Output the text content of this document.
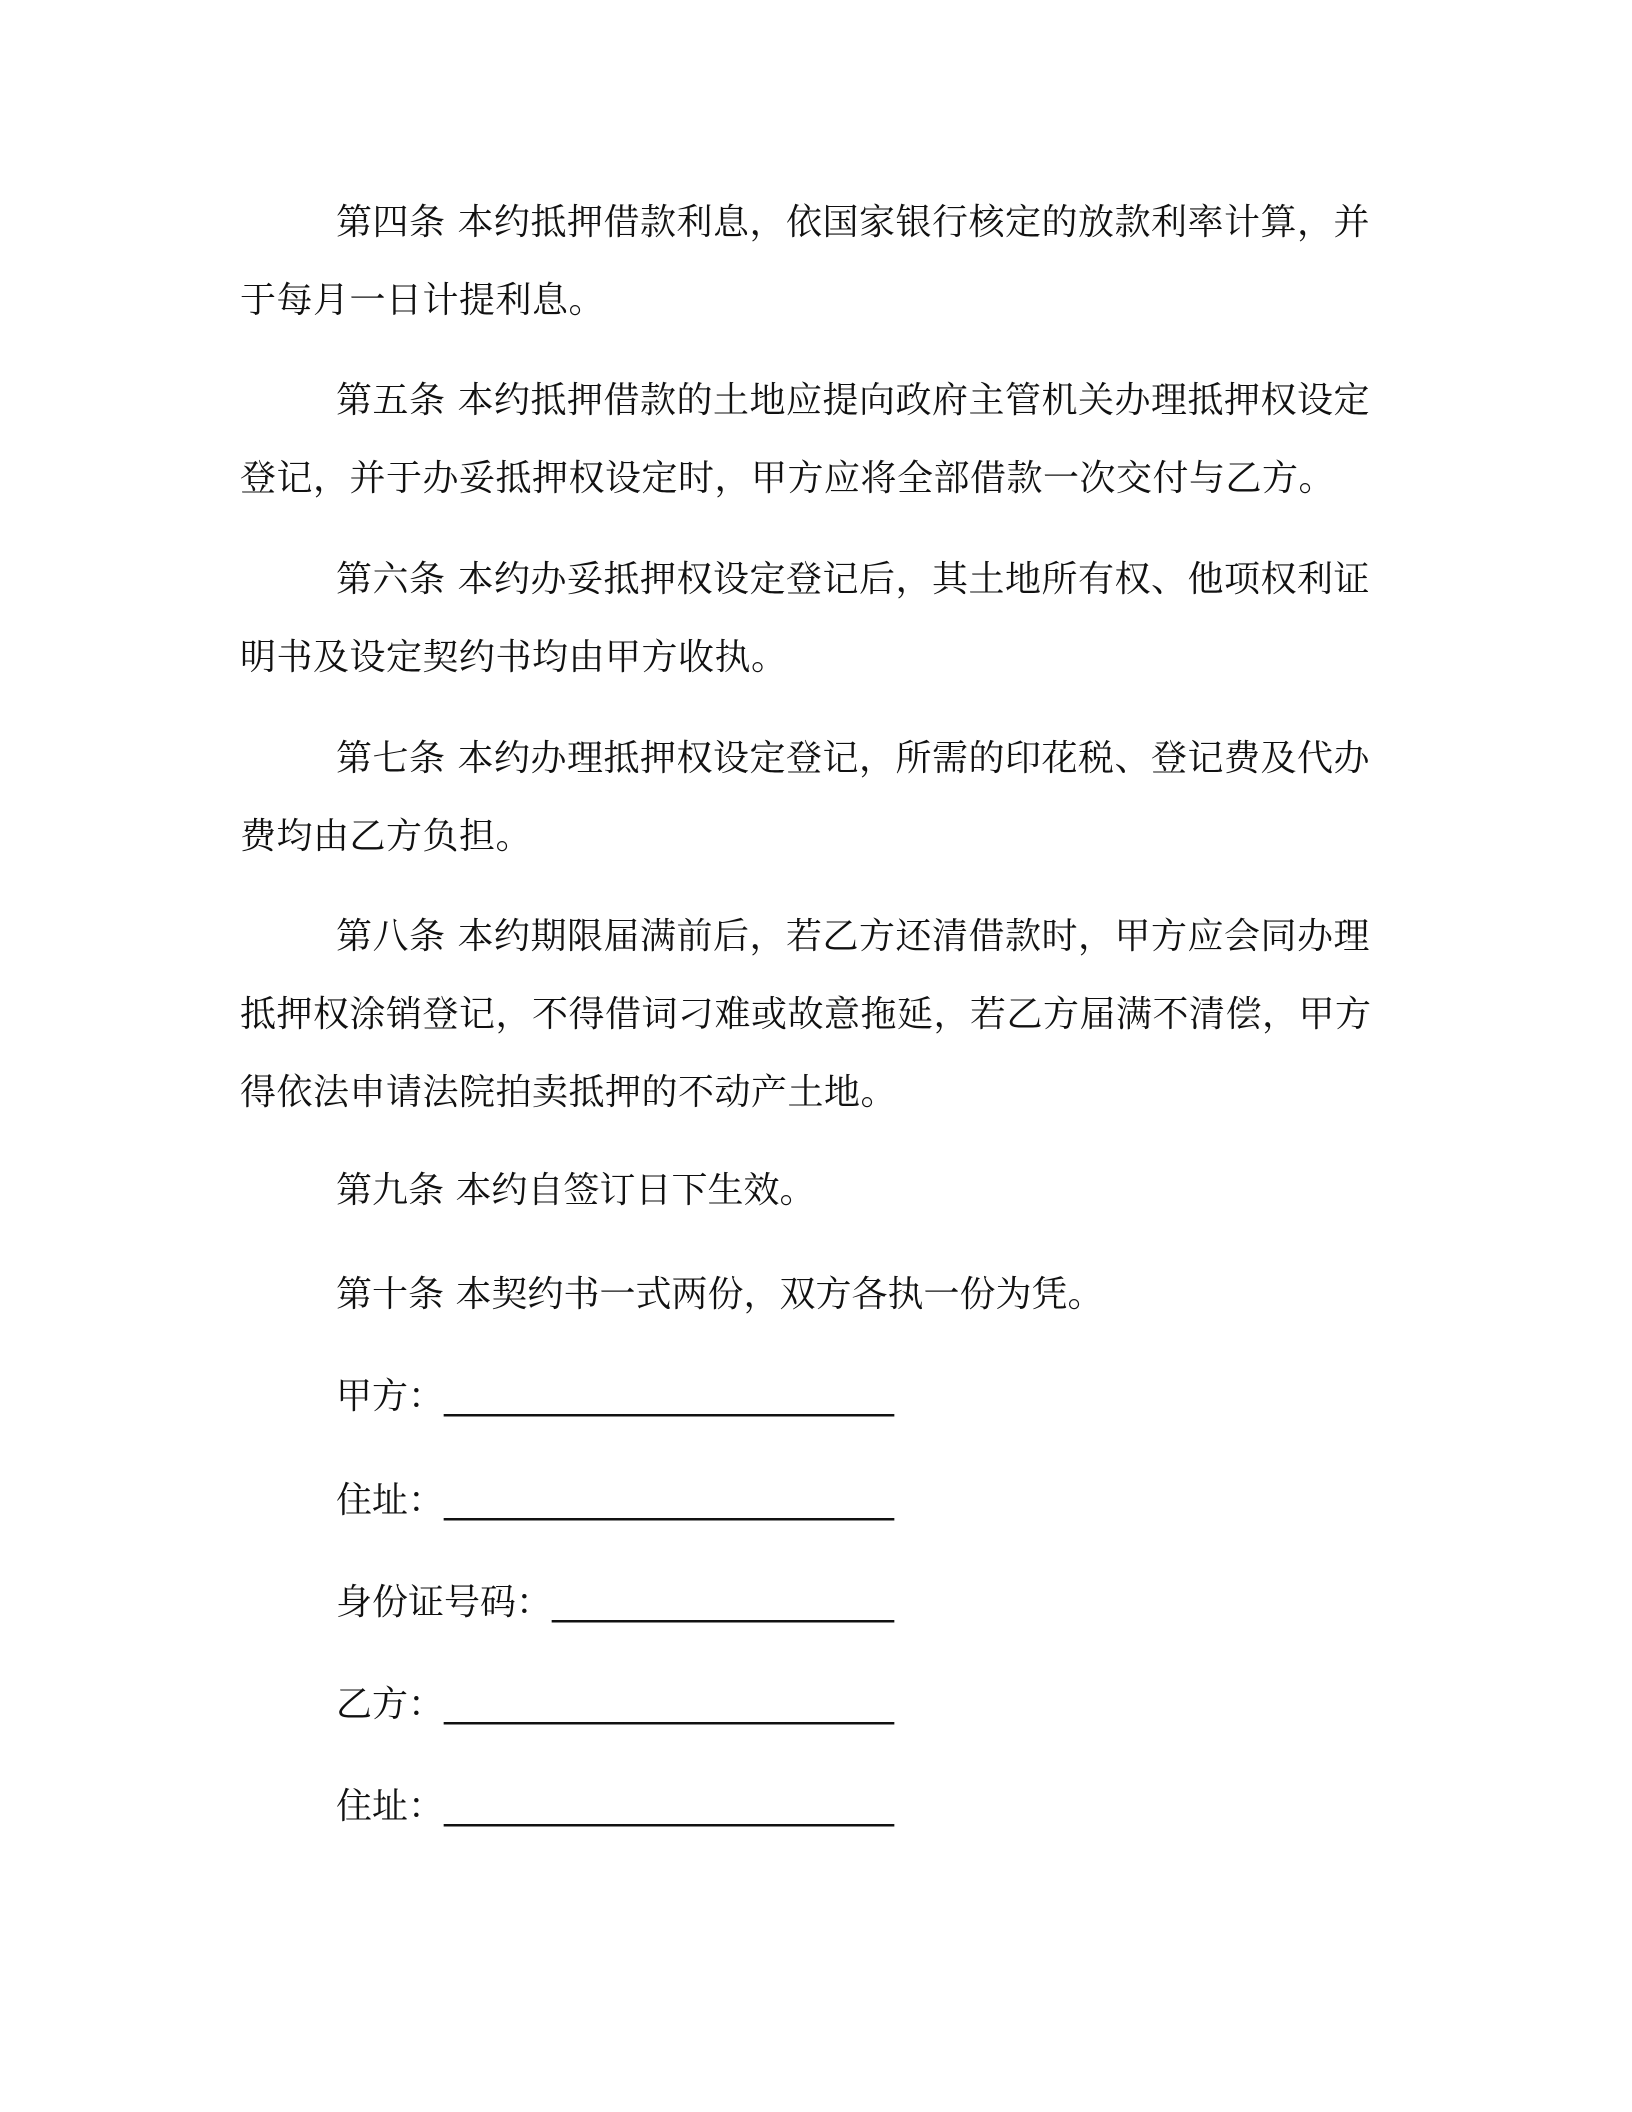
第四条 本约抵押借款利息，依国家银行核定的放款利率计算，并于每月一日计提利息。

第五条 本约抵押借款的土地应提向政府主管机关办理抵押权设定登记，并于办妥抵押权设定时，甲方应将全部借款一次交付与乙方。

第六条 本约办妥抵押权设定登记后，其土地所有权、他项权利证明书及设定契约书均由甲方收执。

第七条 本约办理抵押权设定登记，所需的印花税、登记费及代办费均由乙方负担。

第八条 本约期限届满前后，若乙方还清借款时，甲方应会同办理抵押权涂销登记，不得借词刁难或故意拖延，若乙方届满不清偿，甲方得依法申请法院拍卖抵押的不动产土地。

第九条 本约自签订日下生效。

第十条 本契约书一式两份，双方各执一份为凭。

甲方：_________________________

住址：_________________________

身份证号码：___________________

乙方：_________________________

住址：_________________________
